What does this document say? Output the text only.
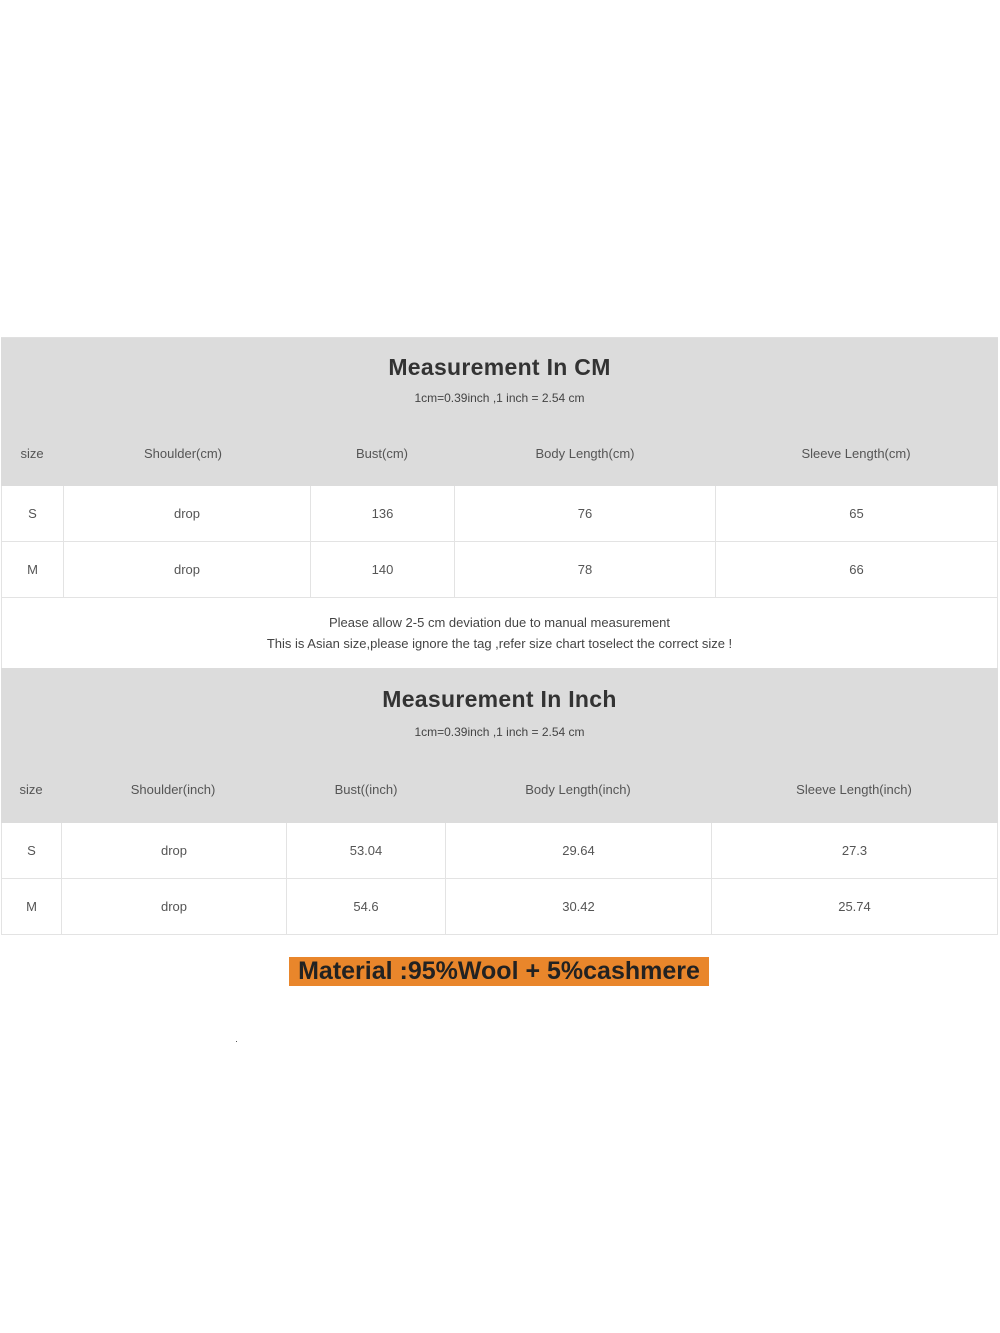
Measurement In CM
1cm=0.39inch ,1 inch = 2.54 cm
size	Shoulder(cm)	Bust(cm)	Body Length(cm)	Sleeve Length(cm)
S	drop	136	76	65
M	drop	140	78	66
Please allow 2-5 cm deviation due to manual measurement
This is Asian size,please ignore the tag ,refer size chart toselect the correct size !
Measurement In Inch
1cm=0.39inch ,1 inch = 2.54 cm
size	Shoulder(inch)	Bust((inch)	Body Length(inch)	Sleeve Length(inch)
S	drop	53.04	29.64	27.3
M	drop	54.6	30.42	25.74
Material :95%Wool + 5%cashmere
